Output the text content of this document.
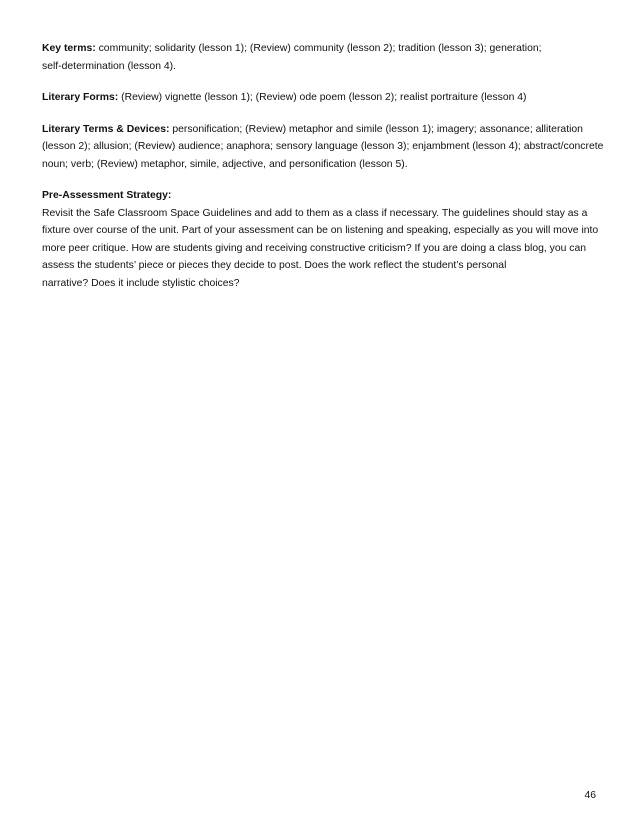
Key terms: community; solidarity (lesson 1); (Review) community (lesson 2); tradition (lesson 3); generation;
self-determination (lesson 4).

Literary Forms: (Review) vignette (lesson 1); (Review) ode poem (lesson 2); realist portraiture (lesson 4)

Literary Terms & Devices: personification; (Review) metaphor and simile (lesson 1); imagery; assonance; alliteration
(lesson 2); allusion; (Review) audience; anaphora; sensory language (lesson 3); enjambment (lesson 4); abstract/concrete
noun; verb; (Review) metaphor, simile, adjective, and personification (lesson 5).

Pre-Assessment Strategy:
Revisit the Safe Classroom Space Guidelines and add to them as a class if necessary. The guidelines should stay as a
fixture over course of the unit. Part of your assessment can be on listening and speaking, especially as you will move into
more peer critique. How are students giving and receiving constructive criticism? If you are doing a class blog, you can
assess the students’ piece or pieces they decide to post. Does the work reflect the student’s personal
narrative? Does it include stylistic choices?

46
